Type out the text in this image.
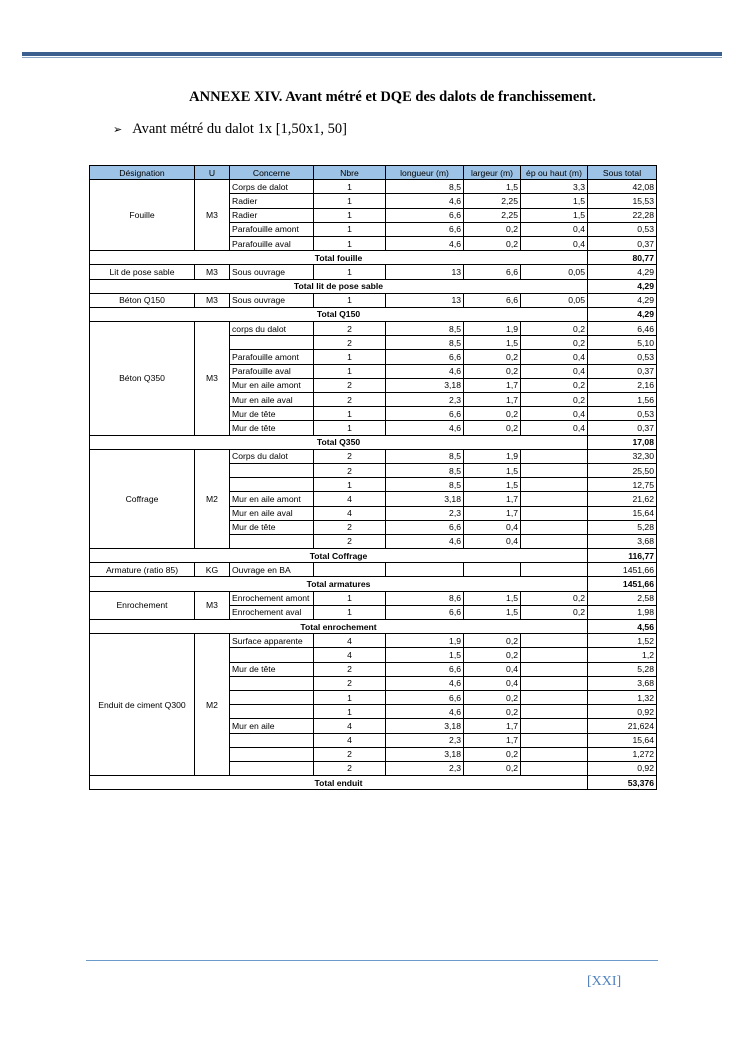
ANNEXE XIV. Avant métré et DQE des dalots de franchissement.
➢ Avant métré du dalot 1x [1,50x1, 50]
Désignation	U	Concerne	Nbre	longueur (m)	largeur (m)	ép ou haut (m)	Sous total
Fouille	M3	Corps de dalot	1	8,5	1,5	3,3	42,08
		Radier	1	4,6	2,25	1,5	15,53
		Radier	1	6,6	2,25	1,5	22,28
		Parafouille amont	1	6,6	0,2	0,4	0,53
		Parafouille aval	1	4,6	0,2	0,4	0,37
Total fouille							80,77
Lit de pose sable	M3	Sous ouvrage	1	13	6,6	0,05	4,29
Total lit de pose sable							4,29
Béton Q150	M3	Sous ouvrage	1	13	6,6	0,05	4,29
Total Q150							4,29
Béton Q350	M3	corps du dalot	2	8,5	1,9	0,2	6,46
			2	8,5	1,5	0,2	5,10
		Parafouille amont	1	6,6	0,2	0,4	0,53
		Parafouille aval	1	4,6	0,2	0,4	0,37
		Mur en aile amont	2	3,18	1,7	0,2	2,16
		Mur en aile aval	2	2,3	1,7	0,2	1,56
		Mur de tête	1	6,6	0,2	0,4	0,53
		Mur de tête	1	4,6	0,2	0,4	0,37
Total Q350							17,08
Coffrage	M2	Corps du dalot	2	8,5	1,9		32,30
			2	8,5	1,5		25,50
			1	8,5	1,5		12,75
		Mur en aile amont	4	3,18	1,7		21,62
		Mur en aile aval	4	2,3	1,7		15,64
		Mur de tête	2	6,6	0,4		5,28
			2	4,6	0,4		3,68
Total Coffrage							116,77
Armature (ratio 85)	KG	Ouvrage en BA					1451,66
Total armatures							1451,66
Enrochement	M3	Enrochement amont	1	8,6	1,5	0,2	2,58
		Enrochement aval	1	6,6	1,5	0,2	1,98
Total enrochement							4,56
Enduit de ciment Q300	M2	Surface apparente	4	1,9	0,2		1,52
			4	1,5	0,2		1,2
		Mur de tête	2	6,6	0,4		5,28
			2	4,6	0,4		3,68
			1	6,6	0,2		1,32
			1	4,6	0,2		0,92
		Mur en aile	4	3,18	1,7		21,624
			4	2,3	1,7		15,64
			2	3,18	0,2		1,272
			2	2,3	0,2		0,92
Total enduit							53,376
[XXI]
